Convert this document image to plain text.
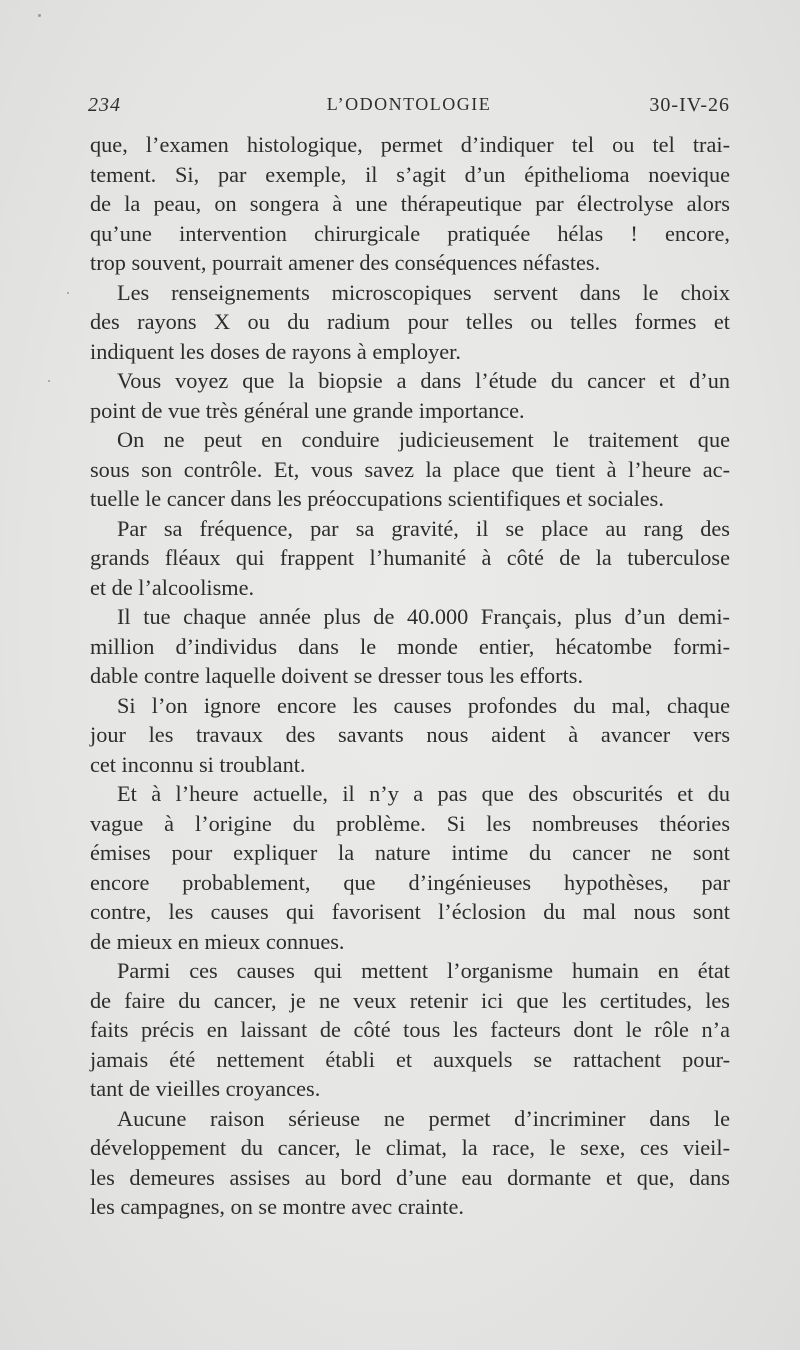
234	L’ODONTOLOGIE	30-IV-26
que, l’examen histologique, permet d’indiquer tel ou tel trai-
tement. Si, par exemple, il s’agit d’un épithelioma noevique
de la peau, on songera à une thérapeutique par électrolyse alors
qu’une intervention chirurgicale pratiquée hélas ! encore,
trop souvent, pourrait amener des conséquences néfastes.
Les renseignements microscopiques servent dans le choix
des rayons X ou du radium pour telles ou telles formes et
indiquent les doses de rayons à employer.
Vous voyez que la biopsie a dans l’étude du cancer et d’un
point de vue très général une grande importance.
On ne peut en conduire judicieusement le traitement que
sous son contrôle. Et, vous savez la place que tient à l’heure ac-
tuelle le cancer dans les préoccupations scientifiques et sociales.
Par sa fréquence, par sa gravité, il se place au rang des
grands fléaux qui frappent l’humanité à côté de la tuberculose
et de l’alcoolisme.
Il tue chaque année plus de 40.000 Français, plus d’un demi-
million d’individus dans le monde entier, hécatombe formi-
dable contre laquelle doivent se dresser tous les efforts.
Si l’on ignore encore les causes profondes du mal, chaque
jour les travaux des savants nous aident à avancer vers
cet inconnu si troublant.
Et à l’heure actuelle, il n’y a pas que des obscurités et du
vague à l’origine du problème. Si les nombreuses théories
émises pour expliquer la nature intime du cancer ne sont
encore probablement, que d’ingénieuses hypothèses, par
contre, les causes qui favorisent l’éclosion du mal nous sont
de mieux en mieux connues.
Parmi ces causes qui mettent l’organisme humain en état
de faire du cancer, je ne veux retenir ici que les certitudes, les
faits précis en laissant de côté tous les facteurs dont le rôle n’a
jamais été nettement établi et auxquels se rattachent pour-
tant de vieilles croyances.
Aucune raison sérieuse ne permet d’incriminer dans le
développement du cancer, le climat, la race, le sexe, ces vieil-
les demeures assises au bord d’une eau dormante et que, dans
les campagnes, on se montre avec crainte.
